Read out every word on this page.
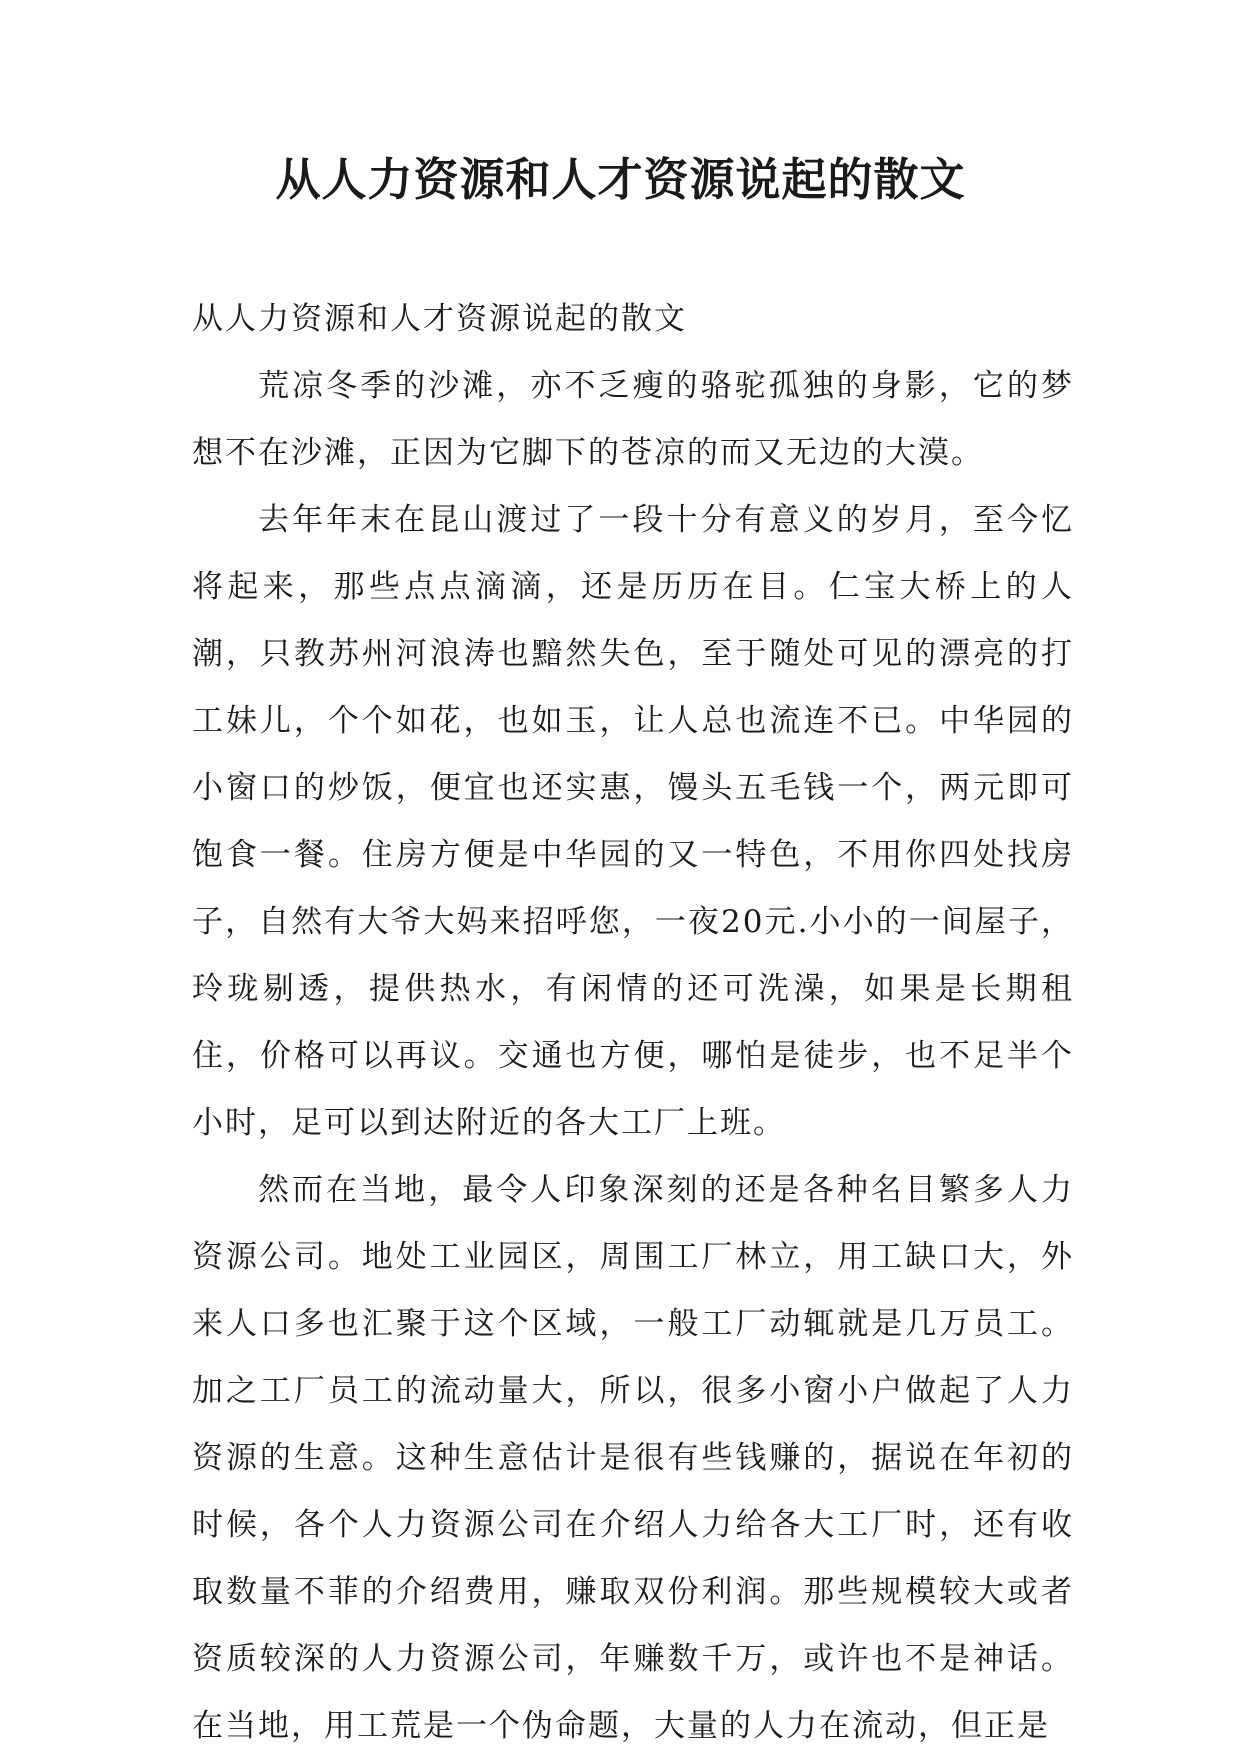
从人力资源和人才资源说起的散文

从人力资源和人才资源说起的散文

荒凉冬季的沙滩，亦不乏瘦的骆驼孤独的身影，它的梦想不在沙滩，正因为它脚下的苍凉的而又无边的大漠。

去年年末在昆山渡过了一段十分有意义的岁月，至今忆将起来，那些点点滴滴，还是历历在目。仁宝大桥上的人潮，只教苏州河浪涛也黯然失色，至于随处可见的漂亮的打工妹儿，个个如花，也如玉，让人总也流连不已。中华园的小窗口的炒饭，便宜也还实惠，馒头五毛钱一个，两元即可饱食一餐。住房方便是中华园的又一特色，不用你四处找房子，自然有大爷大妈来招呼您，一夜20元.小小的一间屋子，玲珑剔透，提供热水，有闲情的还可洗澡，如果是长期租住，价格可以再议。交通也方便，哪怕是徒步，也不足半个小时，足可以到达附近的各大工厂上班。

然而在当地，最令人印象深刻的还是各种名目繁多人力资源公司。地处工业园区，周围工厂林立，用工缺口大，外来人口多也汇聚于这个区域，一般工厂动辄就是几万员工。加之工厂员工的流动量大，所以，很多小窗小户做起了人力资源的生意。这种生意估计是很有些钱赚的，据说在年初的时候，各个人力资源公司在介绍人力给各大工厂时，还有收取数量不菲的介绍费用，赚取双份利润。那些规模较大或者资质较深的人力资源公司，年赚数千万，或许也不是神话。在当地，用工荒是一个伪命题，大量的人力在流动，但正是
